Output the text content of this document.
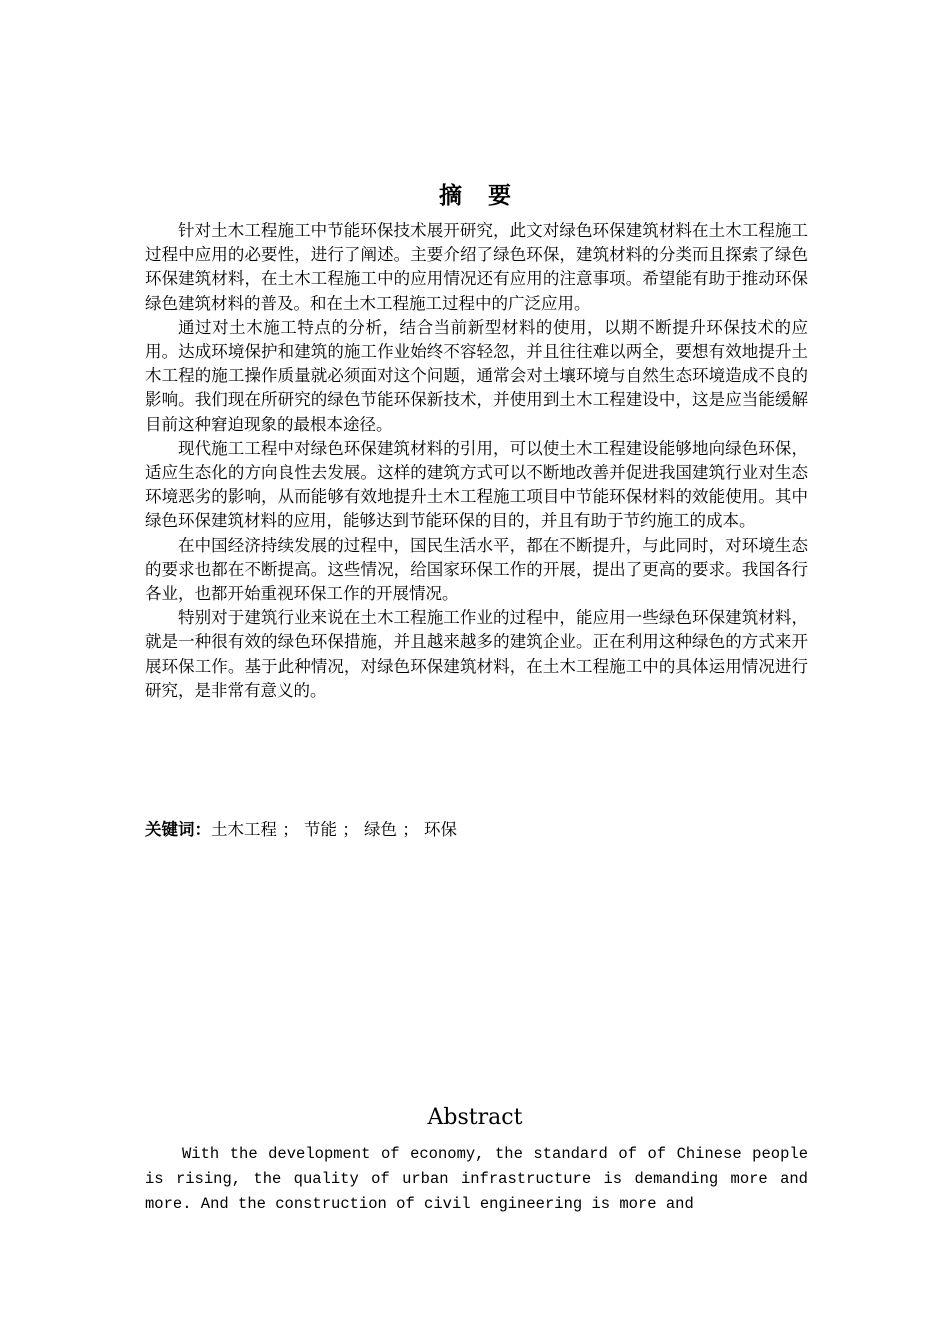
摘要

针对土木工程施工中节能环保技术展开研究，此文对绿色环保建筑材料在土木工程施工过程中应用的必要性，进行了阐述。主要介绍了绿色环保，建筑材料的分类而且探索了绿色环保建筑材料，在土木工程施工中的应用情况还有应用的注意事项。希望能有助于推动环保绿色建筑材料的普及。和在土木工程施工过程中的广泛应用。

通过对土木施工特点的分析，结合当前新型材料的使用，以期不断提升环保技术的应用。达成环境保护和建筑的施工作业始终不容轻忽，并且往往难以两全，要想有效地提升土木工程的施工操作质量就必须面对这个问题，通常会对土壤环境与自然生态环境造成不良的影响。我们现在所研究的绿色节能环保新技术，并使用到土木工程建设中，这是应当能缓解目前这种窘迫现象的最根本途径。

现代施工工程中对绿色环保建筑材料的引用，可以使土木工程建设能够地向绿色环保，适应生态化的方向良性去发展。这样的建筑方式可以不断地改善并促进我国建筑行业对生态环境恶劣的影响，从而能够有效地提升土木工程施工项目中节能环保材料的效能使用。其中绿色环保建筑材料的应用，能够达到节能环保的目的，并且有助于节约施工的成本。

在中国经济持续发展的过程中，国民生活水平，都在不断提升，与此同时，对环境生态的要求也都在不断提高。这些情况，给国家环保工作的开展，提出了更高的要求。我国各行各业，也都开始重视环保工作的开展情况。

特别对于建筑行业来说在土木工程施工作业的过程中，能应用一些绿色环保建筑材料，就是一种很有效的绿色环保措施，并且越来越多的建筑企业。正在利用这种绿色的方式来开展环保工作。基于此种情况，对绿色环保建筑材料，在土木工程施工中的具体运用情况进行研究，是非常有意义的。

关键词：土木工程 ； 节能 ； 绿色 ； 环保
Abstract

With the development of economy, the standard of of Chinese people is rising, the quality of urban infrastructure is demanding more and more. And the construction of civil engineering is more and
